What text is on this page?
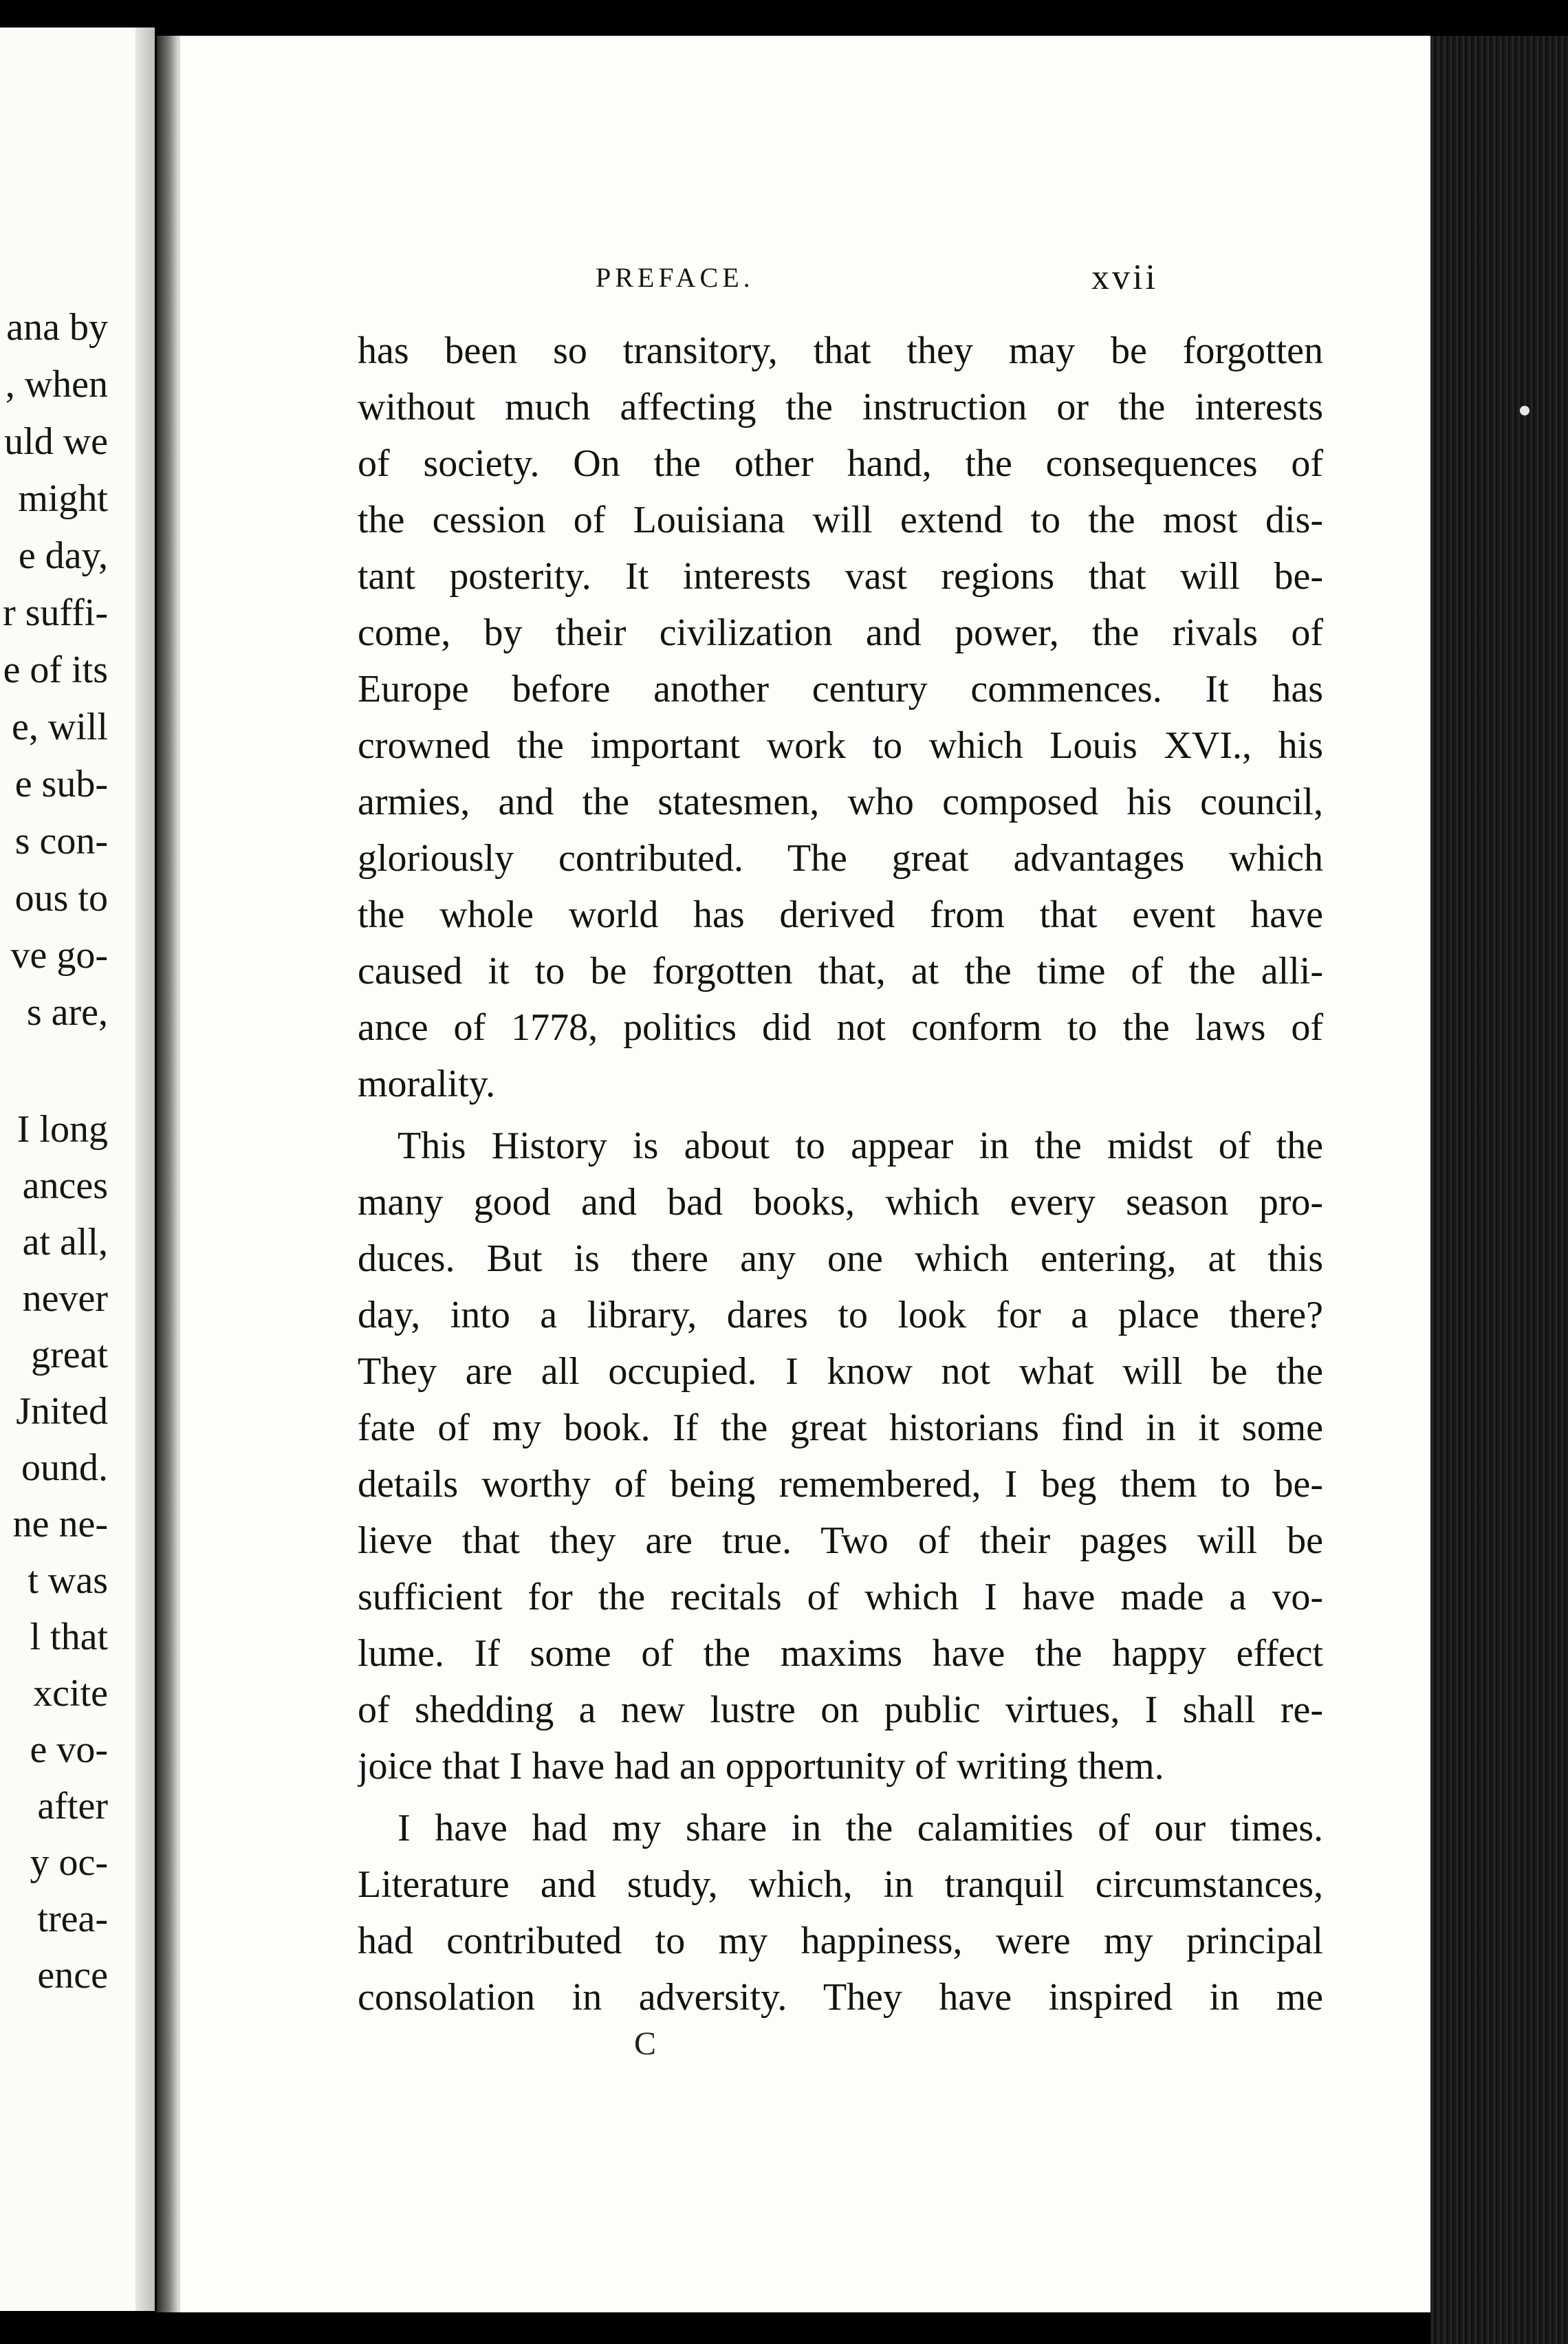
ana by
, when
uld we
might
e day,
r suffi-
e of its
e, will
e sub-
s con-
ous to
ve go-
s are,
I long
ances
at all,
never
great
Jnited
ound.
ne ne-
t was
l that
xcite
e vo-
after
y oc-
trea-
ence
PREFACE.	xvii
has been so transitory, that they may be forgotten
without much affecting the instruction or the interests
of society. On the other hand, the consequences of
the cession of Louisiana will extend to the most dis-
tant posterity. It interests vast regions that will be-
come, by their civilization and power, the rivals of
Europe before another century commences. It has
crowned the important work to which Louis XVI., his
armies, and the statesmen, who composed his council,
gloriously contributed. The great advantages which
the whole world has derived from that event have
caused it to be forgotten that, at the time of the alli-
ance of 1778, politics did not conform to the laws of
morality.
This History is about to appear in the midst of the
many good and bad books, which every season pro-
duces. But is there any one which entering, at this
day, into a library, dares to look for a place there?
They are all occupied. I know not what will be the
fate of my book. If the great historians find in it some
details worthy of being remembered, I beg them to be-
lieve that they are true. Two of their pages will be
sufficient for the recitals of which I have made a vo-
lume. If some of the maxims have the happy effect
of shedding a new lustre on public virtues, I shall re-
joice that I have had an opportunity of writing them.
I have had my share in the calamities of our times.
Literature and study, which, in tranquil circumstances,
had contributed to my happiness, were my principal
consolation in adversity. They have inspired in me
C
